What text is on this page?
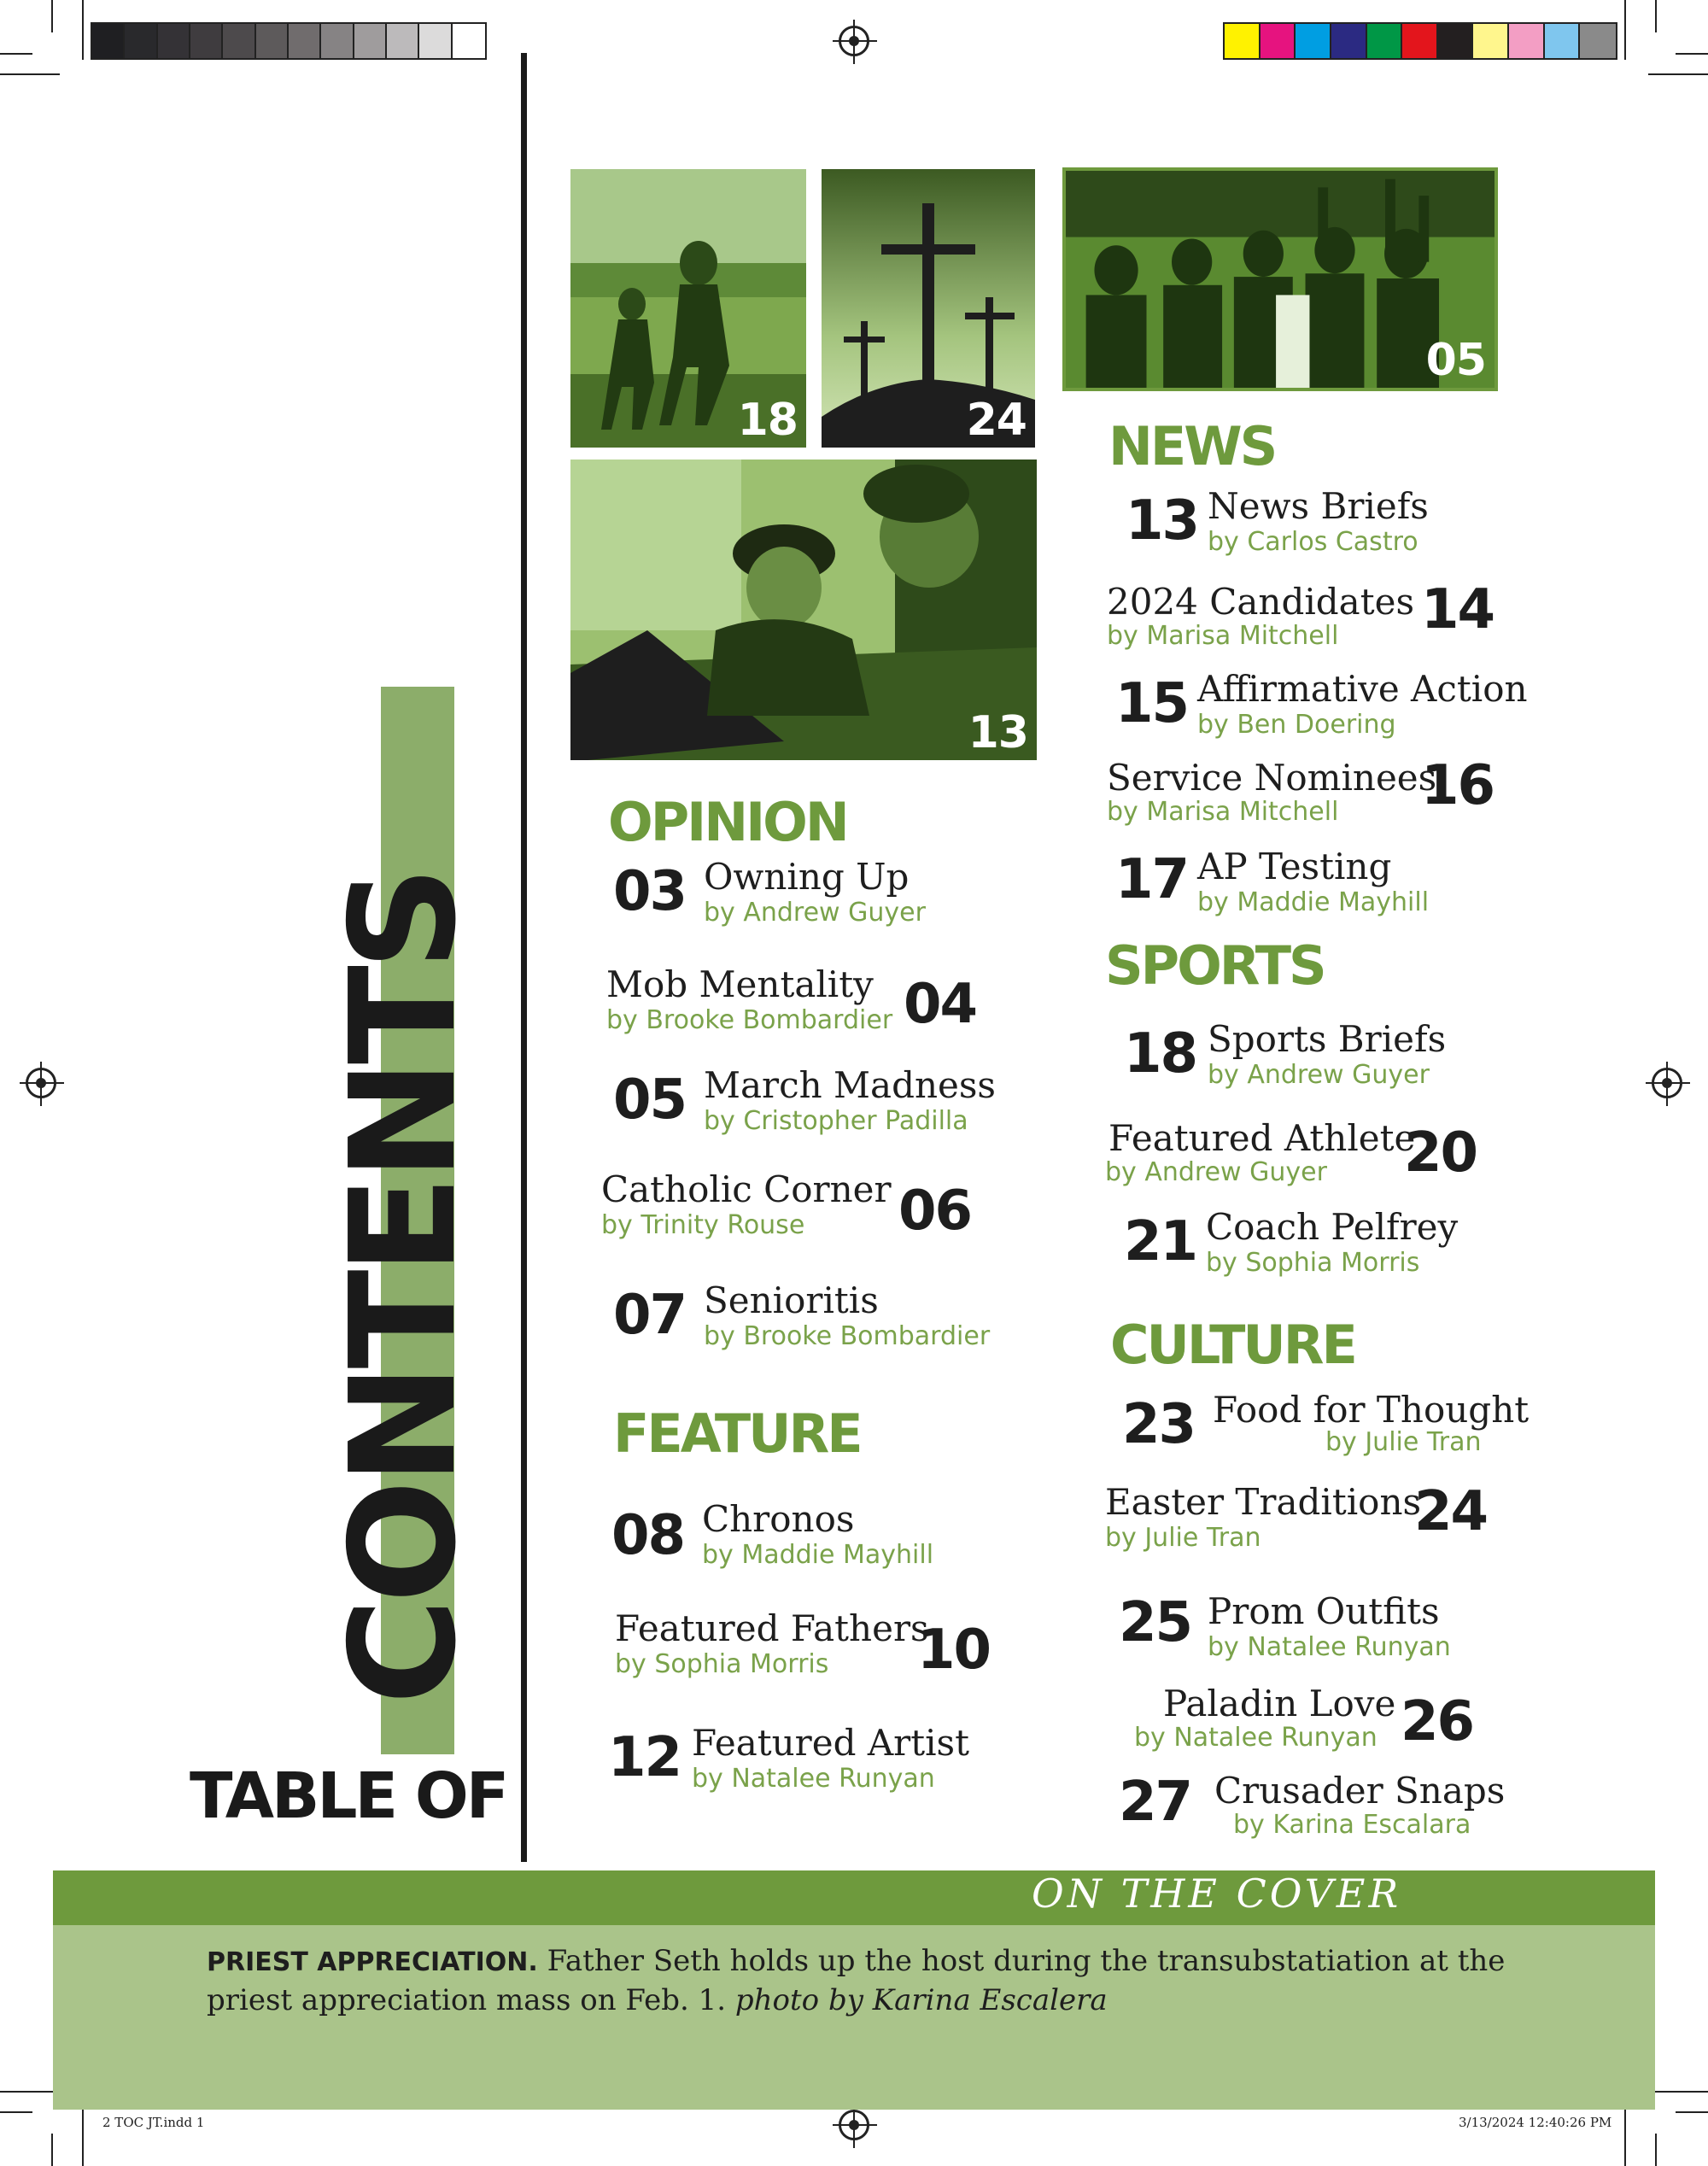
18	24
05
13
CONTENTS
TABLE OF
OPINION
03 Owning Up
by Andrew Guyer
Mob Mentality
by Brooke Bombardier 04
05 March Madness
by Cristopher Padilla
Catholic Corner
by Trinity Rouse 06
07 Senioritis
by Brooke Bombardier
FEATURE
08 Chronos
by Maddie Mayhill
Featured Fathers
by Sophia Morris 10
12 Featured Artist
by Natalee Runyan
NEWS
13 News Briefs
by Carlos Castro
2024 Candidates
by Marisa Mitchell 14
15 Affirmative Action
by Ben Doering
Service Nominees
by Marisa Mitchell 16
17 AP Testing
by Maddie Mayhill
SPORTS
18 Sports Briefs
by Andrew Guyer
Featured Athlete
by Andrew Guyer 20
21 Coach Pelfrey
by Sophia Morris
CULTURE
23 Food for Thought
by Julie Tran
Easter Traditions
by Julie Tran	24
25 Prom Outfits
by Natalee Runyan
Paladin Love
by Natalee Runyan 26
27 Crusader Snaps
by Karina Escalara
ON THE COVER
PRIEST APPRECIATION. Father Seth holds up the host during the transubstatiation at the priest appreciation mass on Feb. 1. photo by Karina Escalera
2 TOC JT.indd 1	3/13/2024 12:40:26 PM
